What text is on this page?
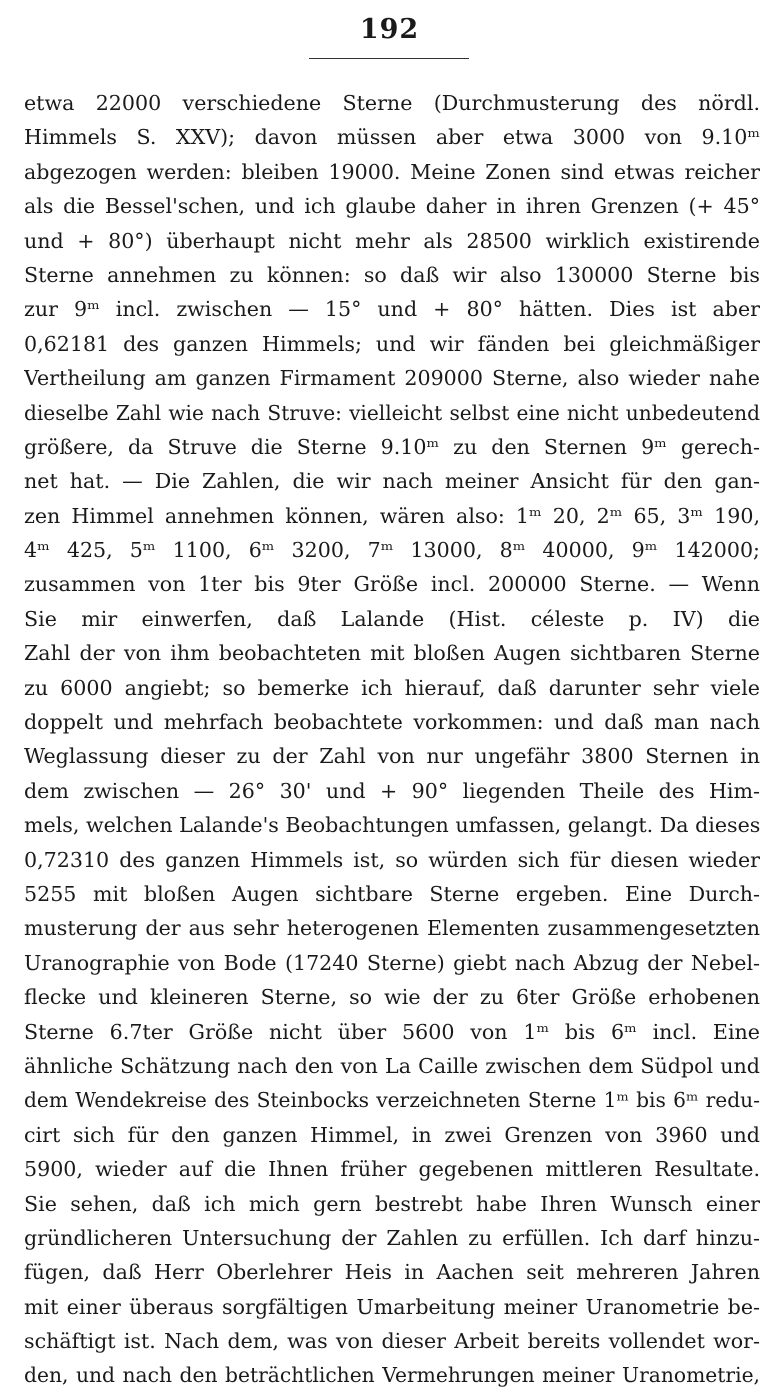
192
etwa 22000 verschiedene Sterne (Durchmusterung des nördl.
Himmels S. XXV); davon müssen aber etwa 3000 von 9.10ᵐ
abgezogen werden: bleiben 19000. Meine Zonen sind etwas reicher
als die Bessel'schen, und ich glaube daher in ihren Grenzen (+ 45°
und + 80°) überhaupt nicht mehr als 28500 wirklich existirende
Sterne annehmen zu können: so daß wir also 130000 Sterne bis
zur 9ᵐ incl. zwischen — 15° und + 80° hätten. Dies ist aber
0,62181 des ganzen Himmels; und wir fänden bei gleichmäßiger
Vertheilung am ganzen Firmament 209000 Sterne, also wieder nahe
dieselbe Zahl wie nach Struve: vielleicht selbst eine nicht unbedeutend
größere, da Struve die Sterne 9.10ᵐ zu den Sternen 9ᵐ gerech-
net hat. — Die Zahlen, die wir nach meiner Ansicht für den gan-
zen Himmel annehmen können, wären also: 1ᵐ 20, 2ᵐ 65, 3ᵐ 190,
4ᵐ 425, 5ᵐ 1100, 6ᵐ 3200, 7ᵐ 13000, 8ᵐ 40000, 9ᵐ 142000;
zusammen von 1ter bis 9ter Größe incl. 200000 Sterne. — Wenn
Sie mir einwerfen, daß Lalande (Hist. céleste p. IV) die
Zahl der von ihm beobachteten mit bloßen Augen sichtbaren Sterne
zu 6000 angiebt; so bemerke ich hierauf, daß darunter sehr viele
doppelt und mehrfach beobachtete vorkommen: und daß man nach
Weglassung dieser zu der Zahl von nur ungefähr 3800 Sternen in
dem zwischen — 26° 30' und + 90° liegenden Theile des Him-
mels, welchen Lalande's Beobachtungen umfassen, gelangt. Da dieses
0,72310 des ganzen Himmels ist, so würden sich für diesen wieder
5255 mit bloßen Augen sichtbare Sterne ergeben. Eine Durch-
musterung der aus sehr heterogenen Elementen zusammengesetzten
Uranographie von Bode (17240 Sterne) giebt nach Abzug der Nebel-
flecke und kleineren Sterne, so wie der zu 6ter Größe erhobenen
Sterne 6.7ter Größe nicht über 5600 von 1ᵐ bis 6ᵐ incl. Eine
ähnliche Schätzung nach den von La Caille zwischen dem Südpol und
dem Wendekreise des Steinbocks verzeichneten Sterne 1ᵐ bis 6ᵐ redu-
cirt sich für den ganzen Himmel, in zwei Grenzen von 3960 und
5900, wieder auf die Ihnen früher gegebenen mittleren Resultate.
Sie sehen, daß ich mich gern bestrebt habe Ihren Wunsch einer
gründlicheren Untersuchung der Zahlen zu erfüllen. Ich darf hinzu-
fügen, daß Herr Oberlehrer Heis in Aachen seit mehreren Jahren
mit einer überaus sorgfältigen Umarbeitung meiner Uranometrie be-
schäftigt ist. Nach dem, was von dieser Arbeit bereits vollendet wor-
den, und nach den beträchtlichen Vermehrungen meiner Uranometrie,
